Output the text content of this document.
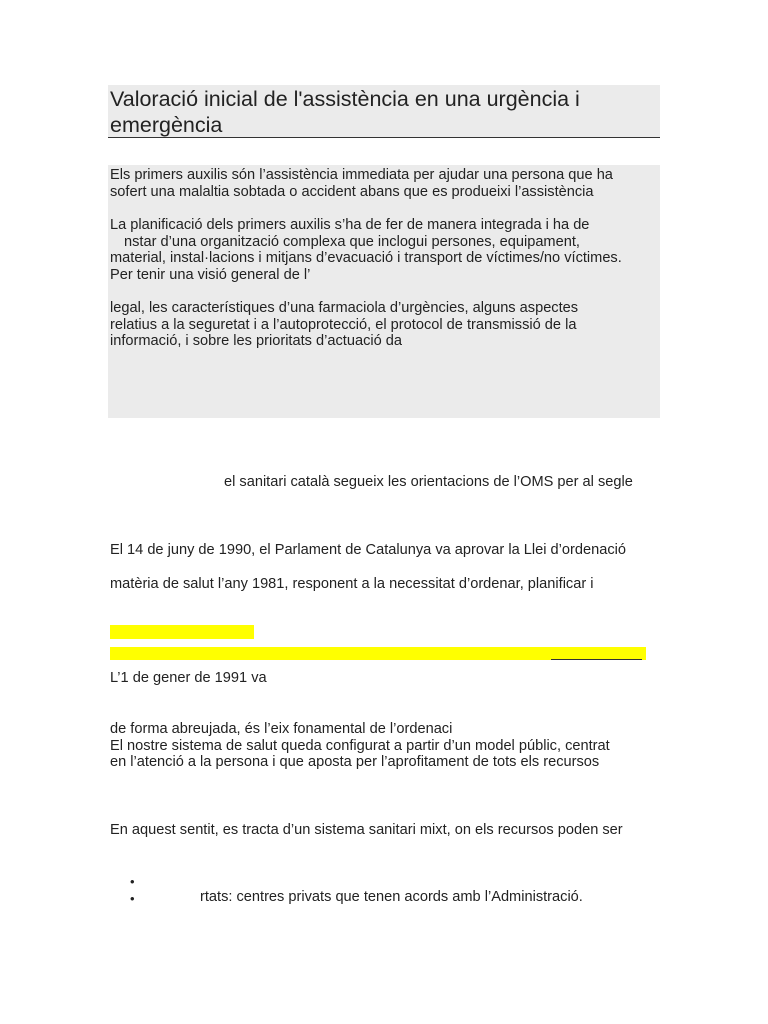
Valoració inicial de l'assistència en una urgència i emergència
Els primers auxilis són l’assistència immediata per ajudar una persona que ha
sofert una malaltia sobtada o accident abans que es produeixi l’assistència
La planificació dels primers auxilis s’ha de fer de manera integrada i ha de
nstar d’una organització complexa que inclogui persones, equipament,
material, instal·lacions i mitjans d’evacuació i transport de víctimes/no víctimes.
Per tenir una visió general de l’
legal, les característiques d’una farmaciola d’urgències, alguns aspectes
relatius a la seguretat i a l’autoprotecció, el protocol de transmissió de la
informació, i sobre les prioritats d’actuació da
el sanitari català segueix les orientacions de l’OMS per al segle
El 14 de juny de 1990, el Parlament de Catalunya va aprovar la Llei d’ordenació
matèria de salut l’any 1981, responent a la necessitat d’ordenar, planificar i
L’1 de gener de 1991 va
de forma abreujada, és l’eix fonamental de l’ordenaci
El nostre sistema de salut queda configurat a partir d’un model públic, centrat
en l’atenció a la persona i que aposta per l’aprofitament de tots els recursos
En aquest sentit, es tracta d’un sistema sanitari mixt, on els recursos poden ser
•
•	rtats: centres privats que tenen acords amb l’Administració.
